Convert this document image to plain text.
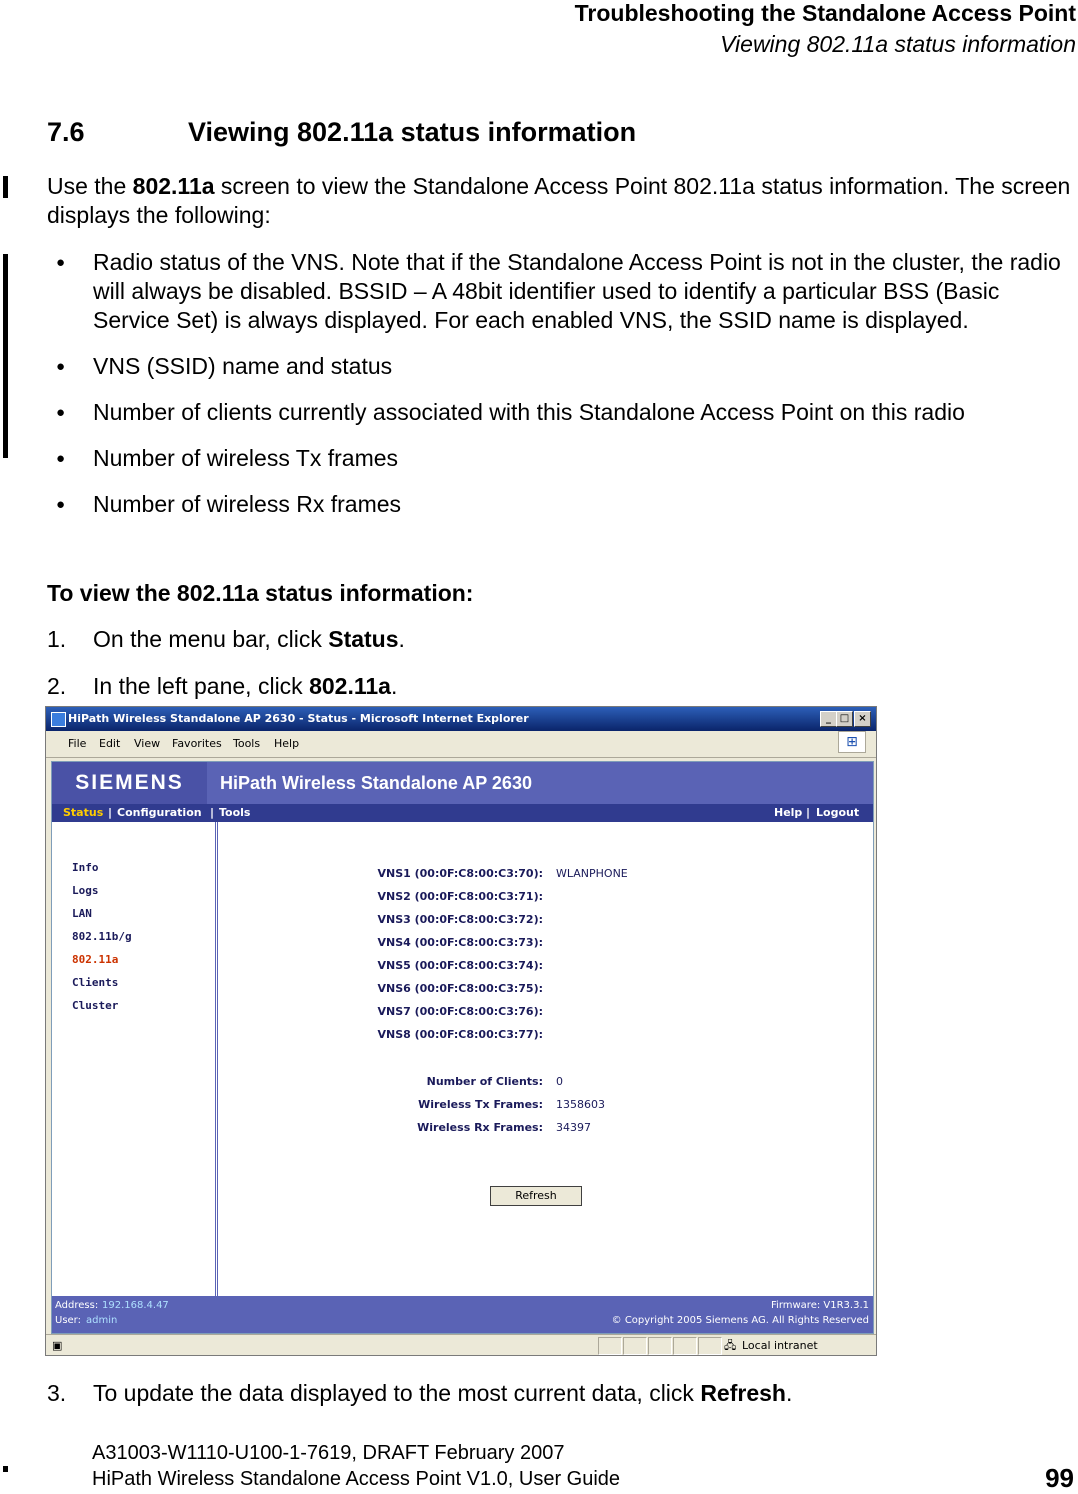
Troubleshooting the Standalone Access Point
Viewing 802.11a status information
7.6	Viewing 802.11a status information
Use the 802.11a screen to view the Standalone Access Point 802.11a status information. The screen displays the following:
● Radio status of the VNS. Note that if the Standalone Access Point is not in the cluster, the radio will always be disabled. BSSID – A 48bit identifier used to identify a particular BSS (Basic Service Set) is always displayed. For each enabled VNS, the SSID name is displayed.
● VNS (SSID) name and status
● Number of clients currently associated with this Standalone Access Point on this radio
● Number of wireless Tx frames
● Number of wireless Rx frames
To view the 802.11a status information:
1. On the menu bar, click Status.
2. In the left pane, click 802.11a.
HiPath Wireless Standalone AP 2630 - Status - Microsoft Internet Explorer	_ □ ×
File Edit View Favorites Tools Help	⊞
SIEMENS	HiPath Wireless Standalone AP 2630
Status | Configuration | Tools	Help | Logout
Info
Logs
LAN
802.11b/g
802.11a
Clients
Cluster
VNS1 (00:0F:C8:00:C3:70): WLANPHONE
VNS2 (00:0F:C8:00:C3:71):
VNS3 (00:0F:C8:00:C3:72):
VNS4 (00:0F:C8:00:C3:73):
VNS5 (00:0F:C8:00:C3:74):
VNS6 (00:0F:C8:00:C3:75):
VNS7 (00:0F:C8:00:C3:76):
VNS8 (00:0F:C8:00:C3:77):
Number of Clients: 0
Wireless Tx Frames: 1358603
Wireless Rx Frames: 34397
Refresh
Address: 192.168.4.47
User: admin
Firmware: V1R3.3.1
© Copyright 2005 Siemens AG. All Rights Reserved
▣	🖧 Local intranet
3. To update the data displayed to the most current data, click Refresh.
A31003-W1110-U100-1-7619, DRAFT February 2007
HiPath Wireless Standalone Access Point V1.0, User Guide	99
